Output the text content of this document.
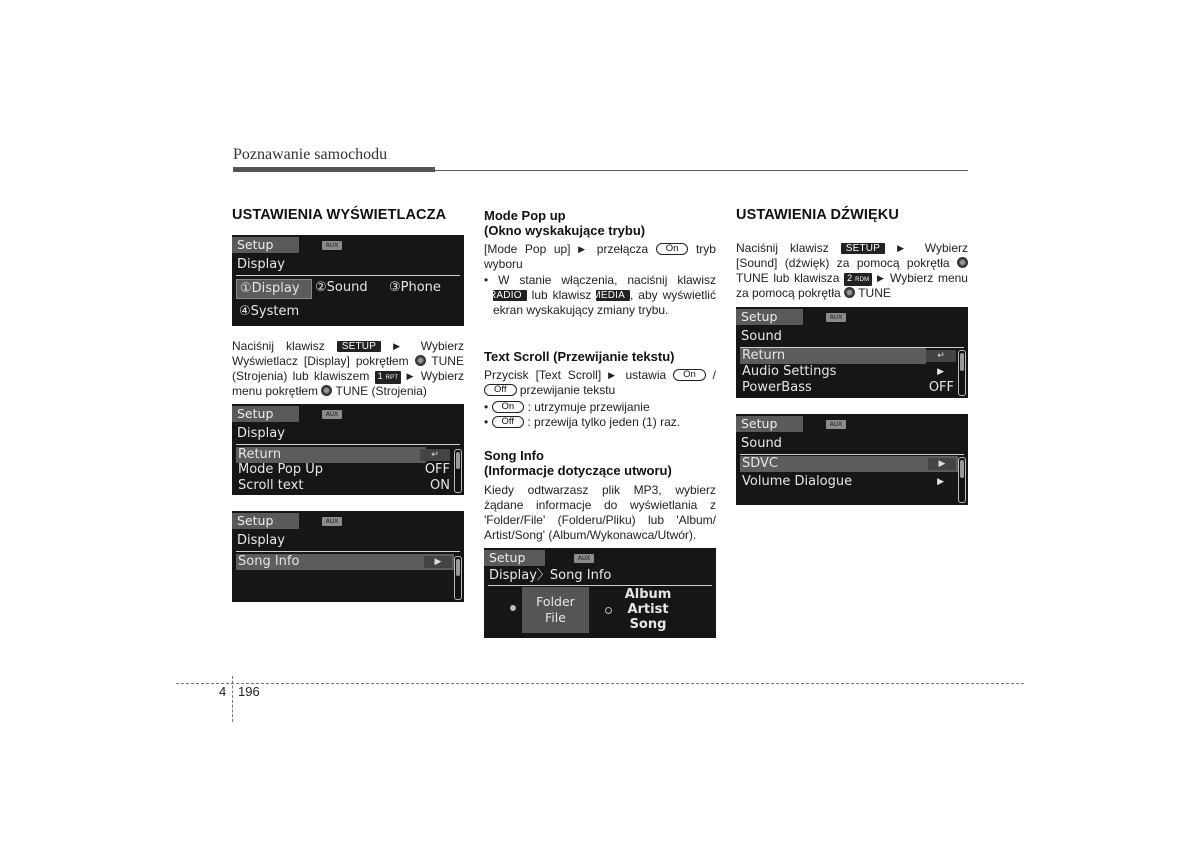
Poznawanie samochodu
USTAWIENIA WYŚWIETLACZA
Setup	AUX
Display
①Display	②Sound ③Phone
④System
Naciśnij klawisz SETUP ▶ Wybierz Wyświetlacz [Display] pokrętłem TUNE (Strojenia) lub klawiszem 1 RPT ▶ Wybierz menu pokrętłem TUNE (Strojenia)
Setup	AUX
Display
Return	↵
Mode Pop Up	OFF
Scroll text	ON
Setup	AUX
Display
Song Info	▶
Mode Pop up
(Okno wyskakujące trybu)
[Mode Pop up] ▶ przełącza On tryb wyboru
• W stanie włączenia, naciśnij klawisz RADIO lub klawisz MEDIA , aby wyświetlić ekran wyskakujący zmiany trybu.
Text Scroll (Przewijanie tekstu)
Przycisk [Text Scroll] ▶ ustawia On /Off przewijanie tekstu
• On : utrzymuje przewijanie
• Off : przewija tylko jeden (1) raz.
Song Info
(Informacje dotyczące utworu)
Kiedy odtwarzasz plik MP3, wybierz żądane informacje do wyświetlania z 'Folder/File' (Folderu/Pliku) lub 'Album/ Artist/Song' (Album/Wykonawca/Utwór).
Setup	AUX
Display〉Song Info
Folder
File
Album
Artist
Song
USTAWIENIA DŹWIĘKU
Naciśnij klawisz SETUP ▶ Wybierz [Sound] (dźwięk) za pomocą pokrętła  TUNE lub klawisza 2 RDM ▶ Wybierz menu za pomocą pokrętła TUNE
Setup	AUX
Sound
Return	↵
Audio Settings	▶
PowerBass	OFF
Setup	AUX
Sound
SDVC	▶
Volume Dialogue	▶
4 196
